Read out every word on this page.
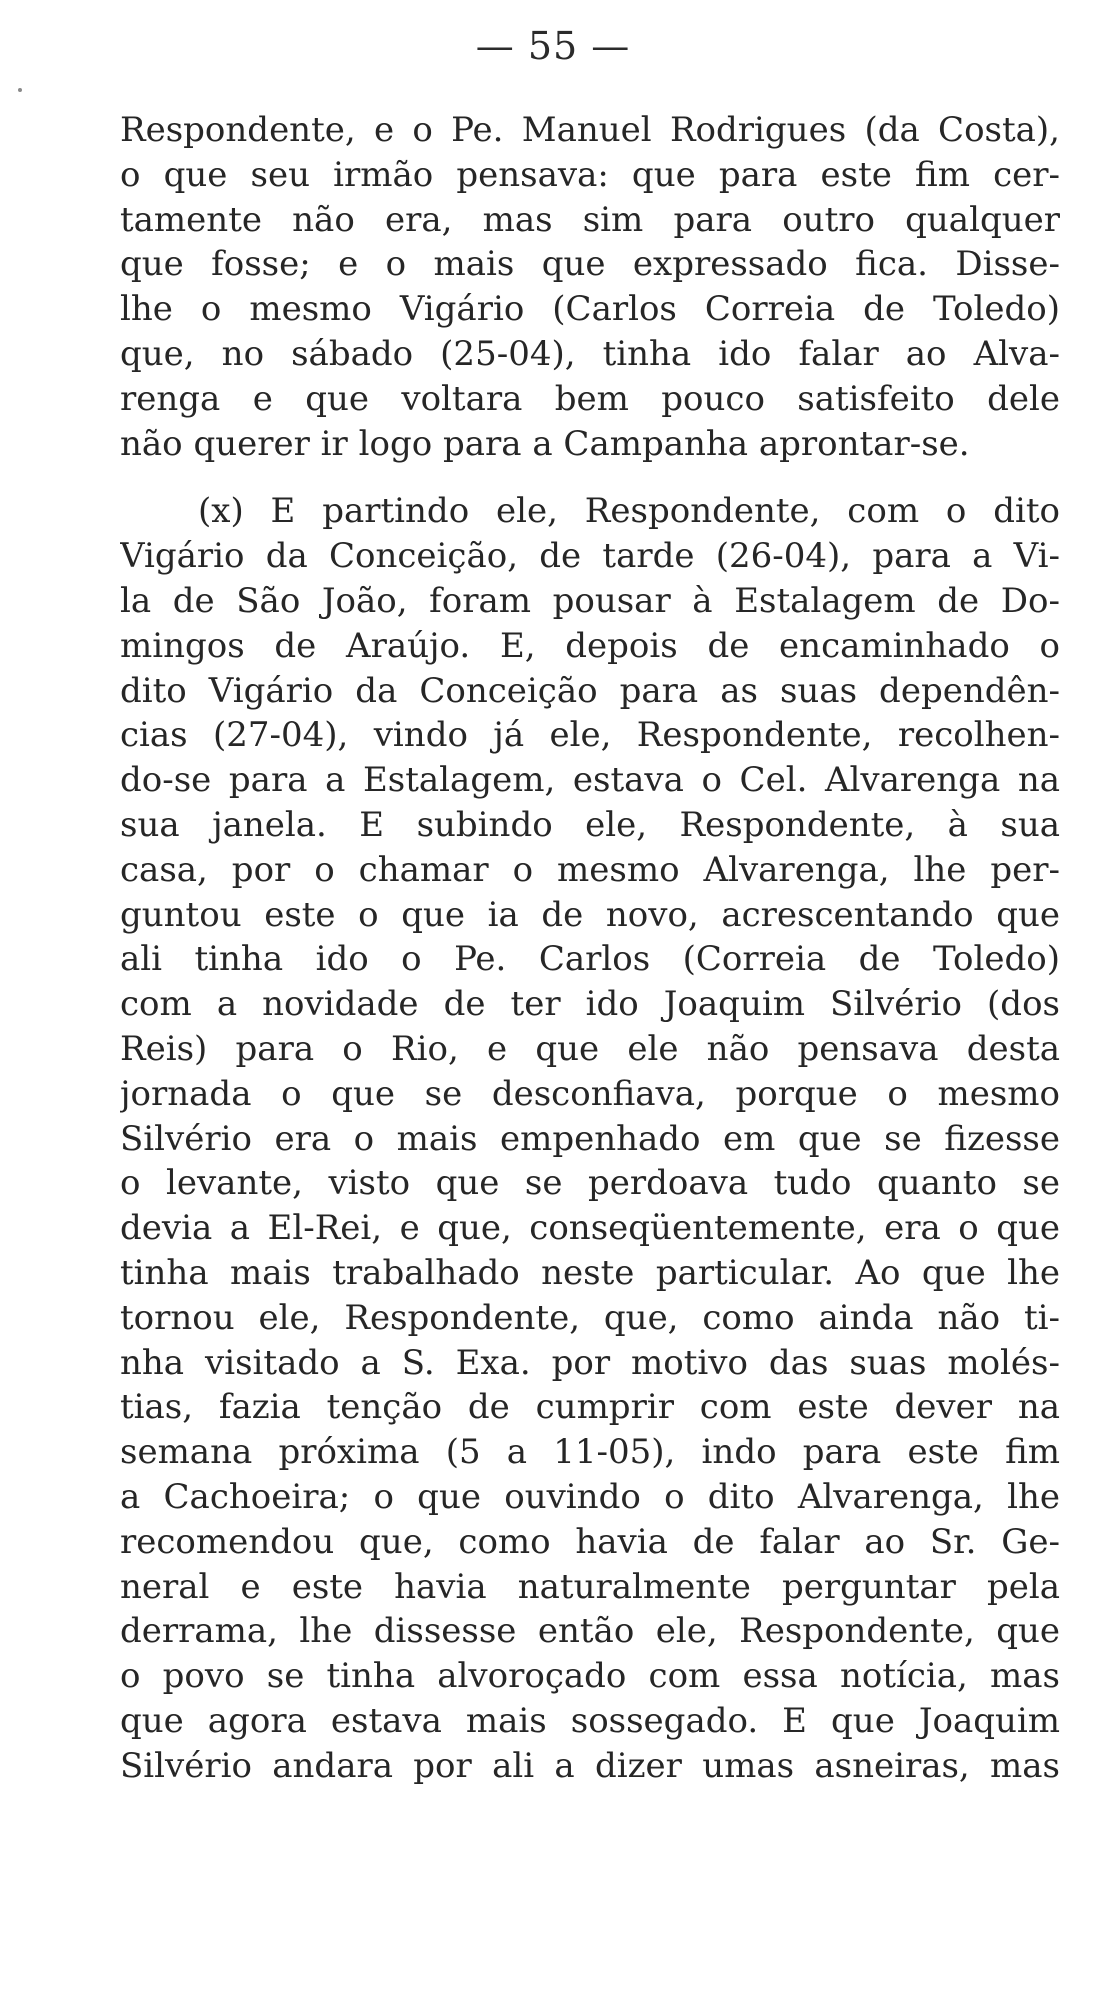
— 55 —
Respondente, e o Pe. Manuel Rodrigues (da Costa),
o que seu irmão pensava: que para este fim cer-
tamente não era, mas sim para outro qualquer
que fosse; e o mais que expressado fica. Disse-
lhe o mesmo Vigário (Carlos Correia de Toledo)
que, no sábado (25-04), tinha ido falar ao Alva-
renga e que voltara bem pouco satisfeito dele
não querer ir logo para a Campanha aprontar-se.
(x) E partindo ele, Respondente, com o dito
Vigário da Conceição, de tarde (26-04), para a Vi-
la de São João, foram pousar à Estalagem de Do-
mingos de Araújo. E, depois de encaminhado o
dito Vigário da Conceição para as suas dependên-
cias (27-04), vindo já ele, Respondente, recolhen-
do-se para a Estalagem, estava o Cel. Alvarenga na
sua janela. E subindo ele, Respondente, à sua
casa, por o chamar o mesmo Alvarenga, lhe per-
guntou este o que ia de novo, acrescentando que
ali tinha ido o Pe. Carlos (Correia de Toledo)
com a novidade de ter ido Joaquim Silvério (dos
Reis) para o Rio, e que ele não pensava desta
jornada o que se desconfiava, porque o mesmo
Silvério era o mais empenhado em que se fizesse
o levante, visto que se perdoava tudo quanto se
devia a El-Rei, e que, conseqüentemente, era o que
tinha mais trabalhado neste particular. Ao que lhe
tornou ele, Respondente, que, como ainda não ti-
nha visitado a S. Exa. por motivo das suas molés-
tias, fazia tenção de cumprir com este dever na
semana próxima (5 a 11-05), indo para este fim
a Cachoeira; o que ouvindo o dito Alvarenga, lhe
recomendou que, como havia de falar ao Sr. Ge-
neral e este havia naturalmente perguntar pela
derrama, lhe dissesse então ele, Respondente, que
o povo se tinha alvoroçado com essa notícia, mas
que agora estava mais sossegado. E que Joaquim
Silvério andara por ali a dizer umas asneiras, mas
